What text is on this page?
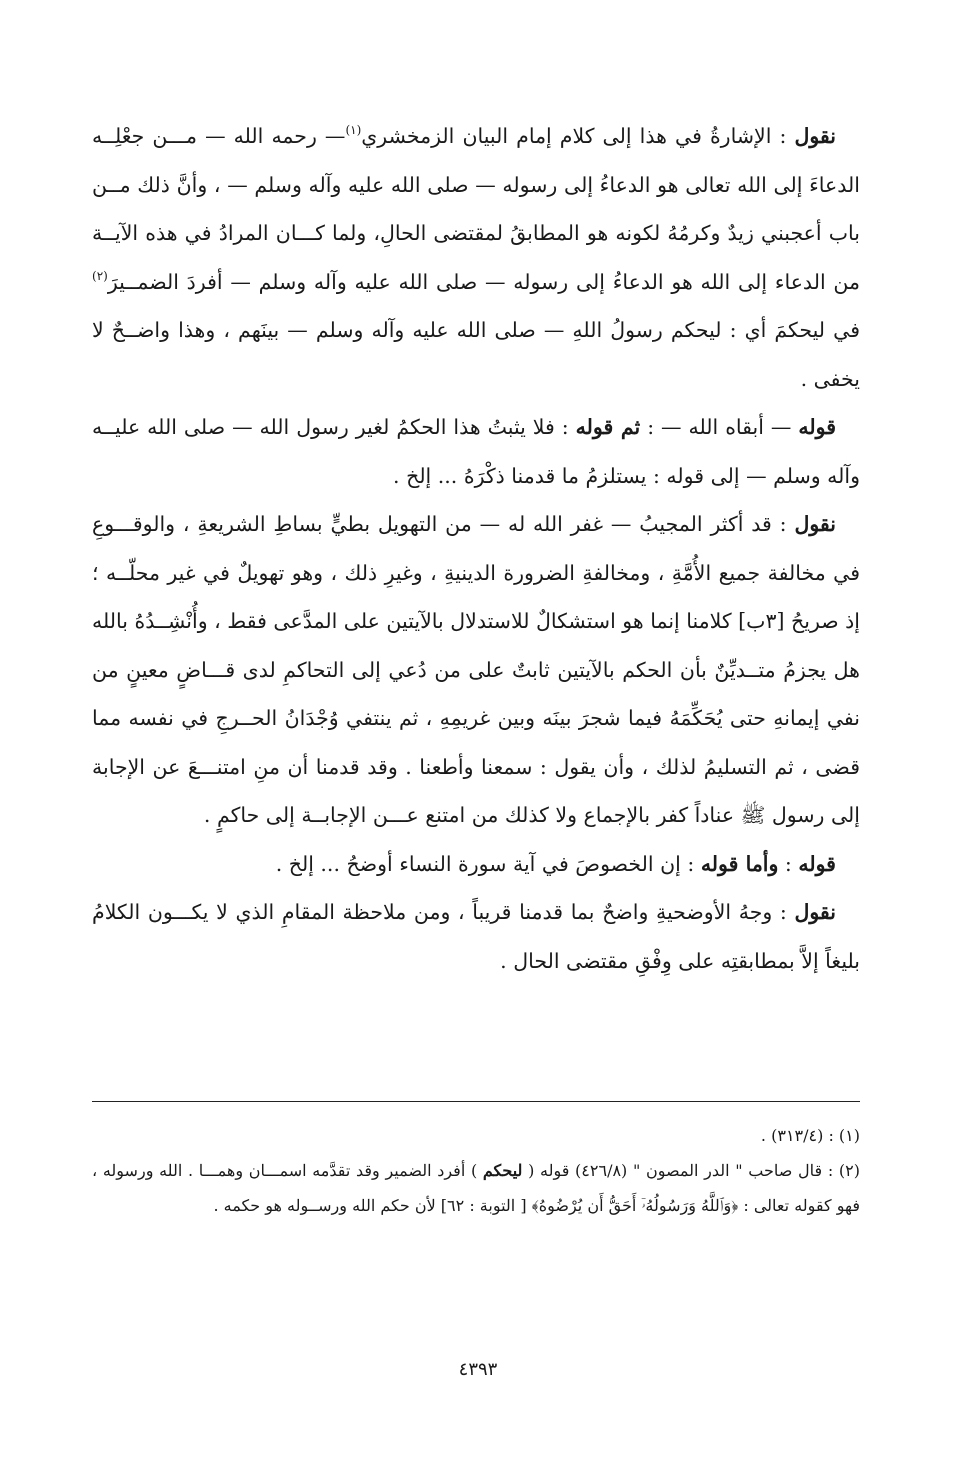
نقول : الإشارةُ في هذا إلى كلام إمام البيان الزمخشري$^{(١)}$— رحمه الله — مـــن جعْلِــه الدعاءَ إلى الله تعالى هو الدعاءُ إلى رسوله — صلى الله عليه وآله وسلم — ، وأنَّ ذلك مــن باب أعجبني زيدٌ وكرمُهُ لكونه هو المطابقُ لمقتضى الحالِ، ولما كـــان المرادُ في هذه الآيــة من الدعاء إلى الله هو الدعاءُ إلى رسوله — صلى الله عليه وآله وسلم — أفردَ الضمــيرَ$^{(٢)}$ في ليحكمَ أي : ليحكم رسولُ اللهِ — صلى الله عليه وآله وسلم — بينَهم ، وهذا واضــحٌ لا يخفى .

قوله — أبقاه الله — : ثم قوله : فلا يثبتُ هذا الحكمُ لغير رسول الله — صلى الله عليــه وآله وسلم — إلى قوله : يستلزمُ ما قدمنا ذكْرَهُ ... إلخ .

نقول : قد أكثر المجيبُ — غفر الله له — من التهويل بطيٍّ بساطِ الشريعةِ ، والوقـــوعِ في مخالفة جميع الأُمَّةِ ، ومخالفةِ الضرورة الدينيةِ ، وغيرِ ذلك ، وهو تهويلٌ في غير محلّــه ؛ إذ صريحُ [٣ب] كلامنا إنما هو استشكالٌ للاستدلال بالآيتين على المدَّعى فقط ، وأُنْشِــدُهُ بالله هل يجزمُ متــديِّنٌ بأن الحكم بالآيتين ثابتٌ على من دُعي إلى التحاكمِ لدى قـــاضٍ معينٍ من نفي إيمانهِ حتى يُحَكِّمَهُ فيما شجرَ بينَه وبين غريمِهِ ، ثم ينتفي وُجْدَانُ الحــرجِ في نفسه مما قضى ، ثم التسليمُ لذلك ، وأن يقول : سمعنا وأطعنا . وقد قدمنا أن منِ امتنـــعَ عن الإجابة إلى رسول ﷺ عناداً كفر بالإجماع ولا كذلك من امتنع عـــن الإجابــة إلى حاكمٍ .

قوله : وأما قوله : إن الخصوصَ في آية سورة النساء أوضحُ ... إلخ .

نقول : وجهُ الأوضحيةِ واضحٌ بما قدمنا قريباً ، ومن ملاحظة المقامِ الذي لا يكـــون الكلامُ بليغاً إلاَّ بمطابقتِه على وِفْقِ مقتضى الحال .

(١) : (٣١٣/٤) .

(٢) : قال صاحب " الدر المصون " (٤٢٦/٨) قوله ( ليحكم ) أفرد الضمير وقد تقدَّمه اسمـــان وهمـــا . الله ورسوله ، فهو كقوله تعالى : ﴿وَٱللَّهُ وَرَسُولُهُۥٓ أَحَقُّ أَن يُرْضُوهُ﴾ [ التوبة : ٦٢] لأن حكم الله ورســوله هو حكمه .

٤٣٩٣
